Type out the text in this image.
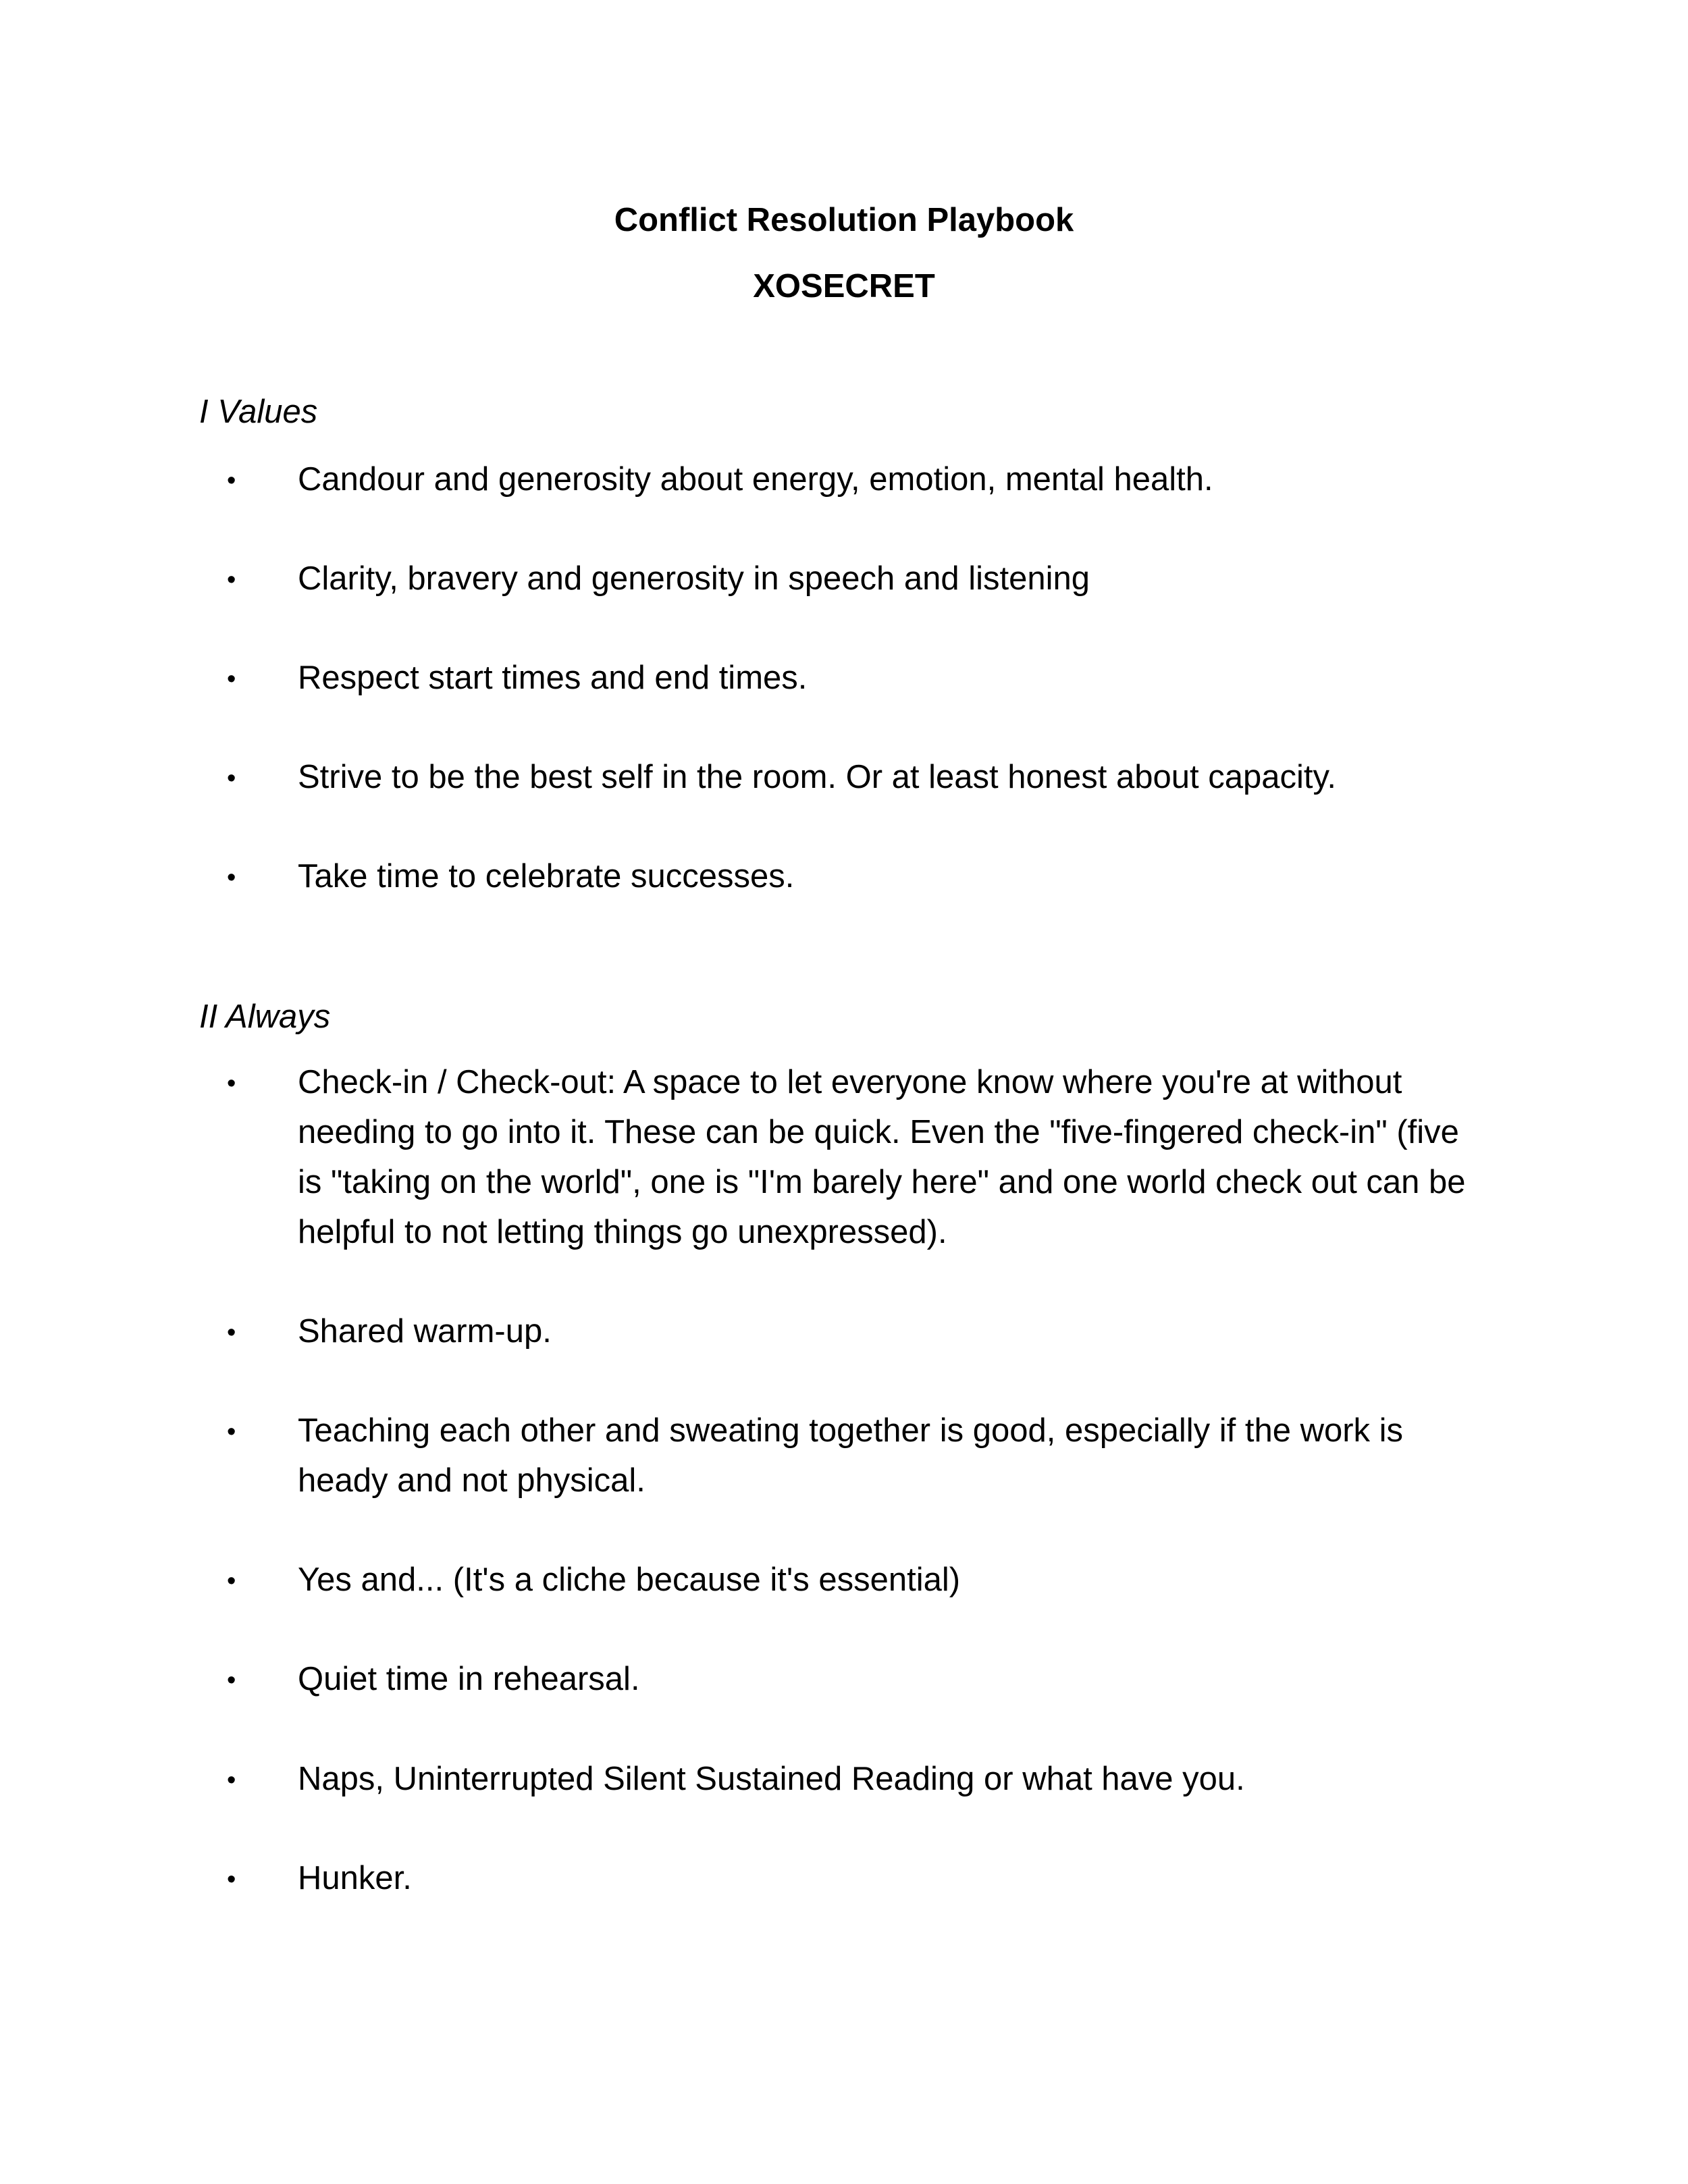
Conflict Resolution Playbook
XOSECRET
I Values
• Candour and generosity about energy, emotion, mental health.

• Clarity, bravery and generosity in speech and listening

• Respect start times and end times.

• Strive to be the best self in the room. Or at least honest about capacity.

• Take time to celebrate successes.

II Always
• Check-in / Check-out: A space to let everyone know where you're at without needing to go into it. These can be quick. Even the "five-fingered check-in" (five is "taking on the world", one is "I'm barely here" and one world check out can be helpful to not letting things go unexpressed).

• Shared warm-up.

• Teaching each other and sweating together is good, especially if the work is heady and not physical.

• Yes and... (It's a cliche because it's essential)

• Quiet time in rehearsal.

• Naps, Uninterrupted Silent Sustained Reading or what have you.

• Hunker.
